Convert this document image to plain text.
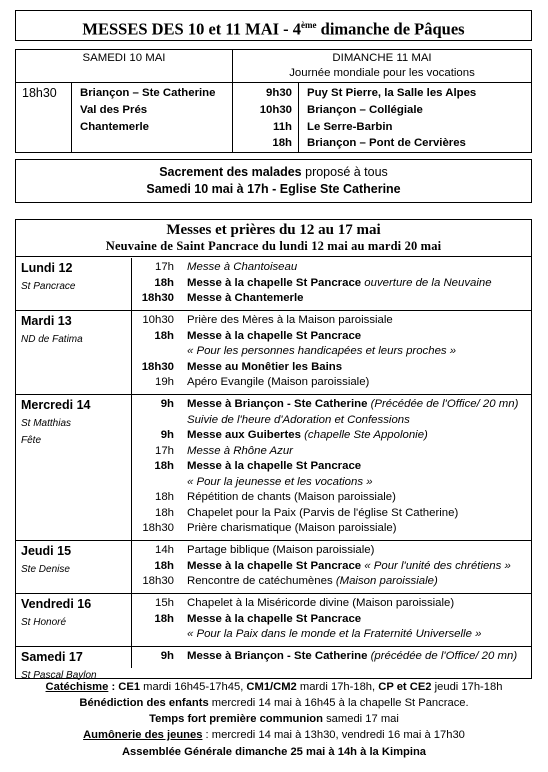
MESSES DES 10 et 11 MAI - 4ème dimanche de Pâques
SAMEDI 10 MAI	DIMANCHE 11 MAI
Journée mondiale pour les vocations
18h30 Briançon – Ste Catherine
Val des Prés
Chantemerle
9h30 Puy St Pierre, la Salle les Alpes
10h30 Briançon – Collégiale
11h Le Serre-Barbin
18h Briançon – Pont de Cervières
Sacrement des malades proposé à tous
Samedi 10 mai à 17h - Eglise Ste Catherine
Messes et prières du 12 au 17 mai
Neuvaine de Saint Pancrace du lundi 12 mai au mardi 20 mai
Lundi 12
St Pancrace
17h Messe à Chantoiseau
18h Messe à la chapelle St Pancrace ouverture de la Neuvaine
18h30 Messe à Chantemerle
Mardi 13
ND de Fatima
10h30 Prière des Mères à la Maison paroissiale
18h Messe à la chapelle St Pancrace
« Pour les personnes handicapées et leurs proches »
18h30 Messe au Monêtier les Bains
19h Apéro Evangile (Maison paroissiale)
Mercredi 14
St Matthias
Fête
9h Messe à Briançon - Ste Catherine (Précédée de l'Office/ 20 mn)
Suivie de l'heure d'Adoration et Confessions
9h Messe aux Guibertes (chapelle Ste Appolonie)
17h Messe à Rhône Azur
18h Messe à la chapelle St Pancrace
« Pour la jeunesse et les vocations »
18h Répétition de chants (Maison paroissiale)
18h Chapelet pour la Paix (Parvis de l'église St Catherine)
18h30 Prière charismatique (Maison paroissiale)
Jeudi 15
Ste Denise
14h Partage biblique (Maison paroissiale)
18h Messe à la chapelle St Pancrace « Pour l'unité des chrétiens »
18h30 Rencontre de catéchumènes (Maison paroissiale)
Vendredi 16
St Honoré
15h Chapelet à la Miséricorde divine (Maison paroissiale)
18h Messe à la chapelle St Pancrace
« Pour la Paix dans le monde et la Fraternité Universelle »
Samedi 17
St Pascal Baylon
9h Messe à Briançon - Ste Catherine (précédée de l'Office/ 20 mn)
Catéchisme : CE1 mardi 16h45-17h45, CM1/CM2 mardi 17h-18h, CP et CE2 jeudi 17h-18h
Bénédiction des enfants mercredi 14 mai à 16h45 à la chapelle St Pancrace.
Temps fort première communion samedi 17 mai
Aumônerie des jeunes : mercredi 14 mai à 13h30, vendredi 16 mai à 17h30
Assemblée Générale dimanche 25 mai à 14h à la Kimpina
